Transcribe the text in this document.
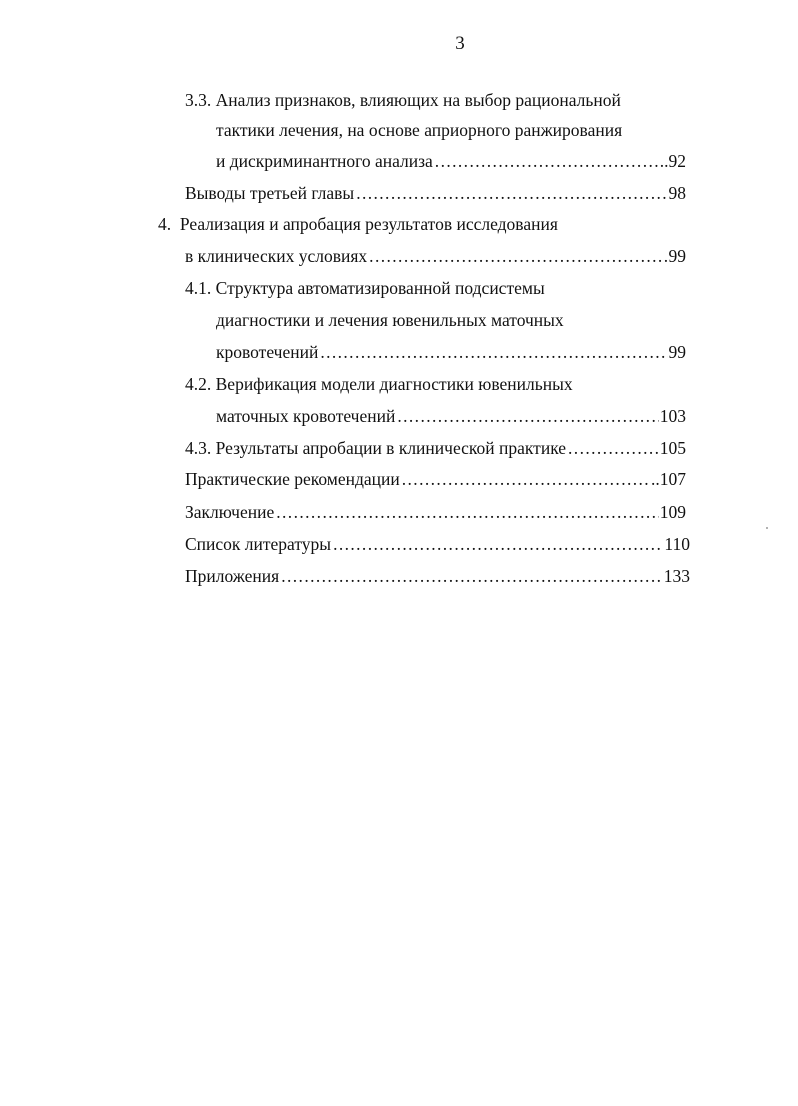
3
3.3. Анализ признаков, влияющих на выбор рациональной
тактики лечения, на основе априорного ранжирования
и дискриминантного анализа .....	..92
Выводы третьей главы .....	98
4.  Реализация и апробация результатов исследования
в клинических условиях .....	99
4.1. Структура автоматизированной подсистемы
диагностики и лечения ювенильных маточных
кровотечений .....	99
4.2. Верификация модели диагностики ювенильных
маточных кровотечений .....	103
4.3. Результаты апробации в клинической практике .....	105
Практические рекомендации .....	..107
Заключение .....	109
Список литературы .....	110
Приложения .....	133
